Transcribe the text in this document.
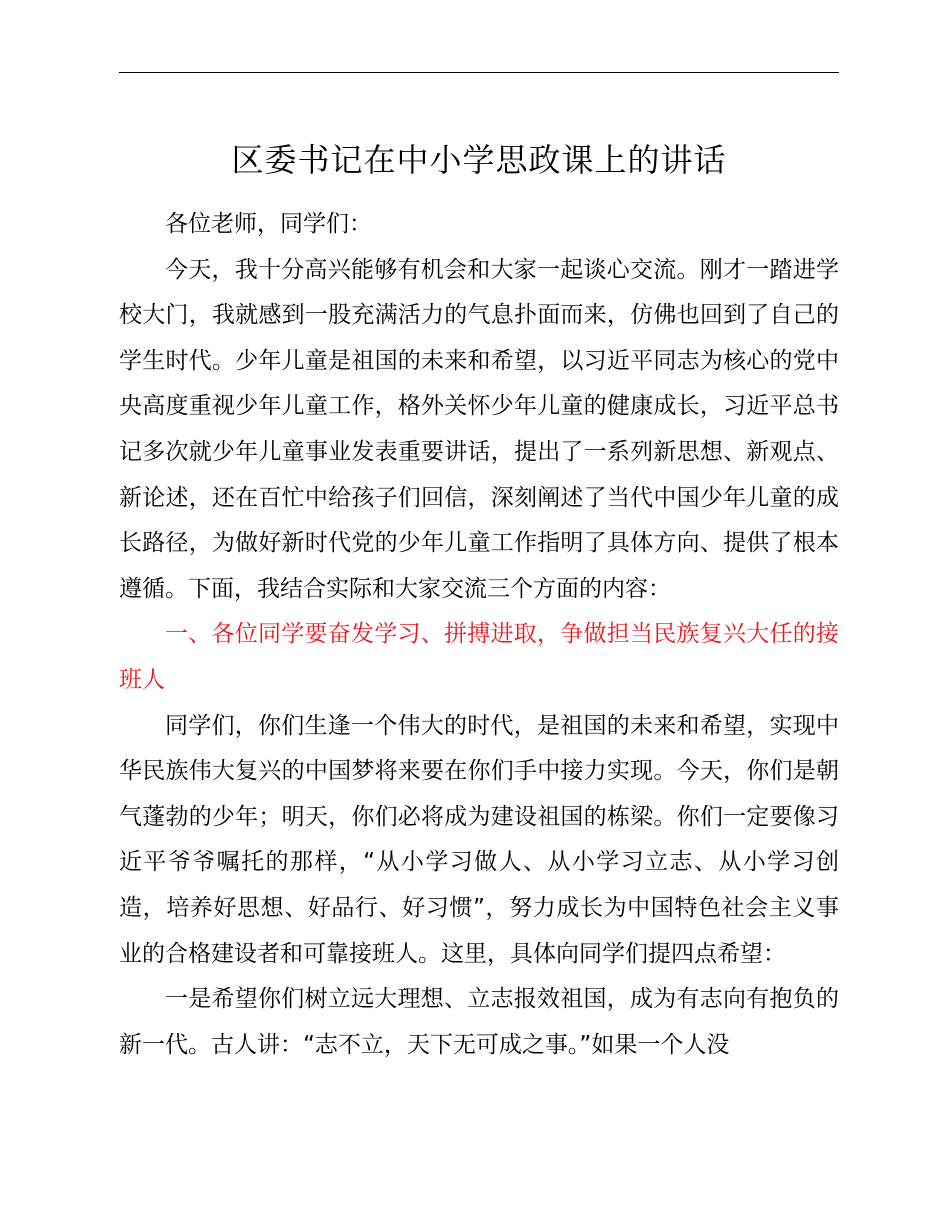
区委书记在中小学思政课上的讲话

各位老师，同学们：

今天，我十分高兴能够有机会和大家一起谈心交流。刚才一踏进学校大门，我就感到一股充满活力的气息扑面而来，仿佛也回到了自己的学生时代。少年儿童是祖国的未来和希望，以习近平同志为核心的党中央高度重视少年儿童工作，格外关怀少年儿童的健康成长，习近平总书记多次就少年儿童事业发表重要讲话，提出了一系列新思想、新观点、新论述，还在百忙中给孩子们回信，深刻阐述了当代中国少年儿童的成长路径，为做好新时代党的少年儿童工作指明了具体方向、提供了根本遵循。下面，我结合实际和大家交流三个方面的内容：

一、各位同学要奋发学习、拼搏进取，争做担当民族复兴大任的接班人

同学们，你们生逢一个伟大的时代，是祖国的未来和希望，实现中华民族伟大复兴的中国梦将来要在你们手中接力实现。今天，你们是朝气蓬勃的少年；明天，你们必将成为建设祖国的栋梁。你们一定要像习近平爷爷嘱托的那样，“从小学习做人、从小学习立志、从小学习创造，培养好思想、好品行、好习惯”，努力成长为中国特色社会主义事业的合格建设者和可靠接班人。这里，具体向同学们提四点希望：

一是希望你们树立远大理想、立志报效祖国，成为有志向有抱负的新一代。古人讲：“志不立，天下无可成之事。”如果一个人没
